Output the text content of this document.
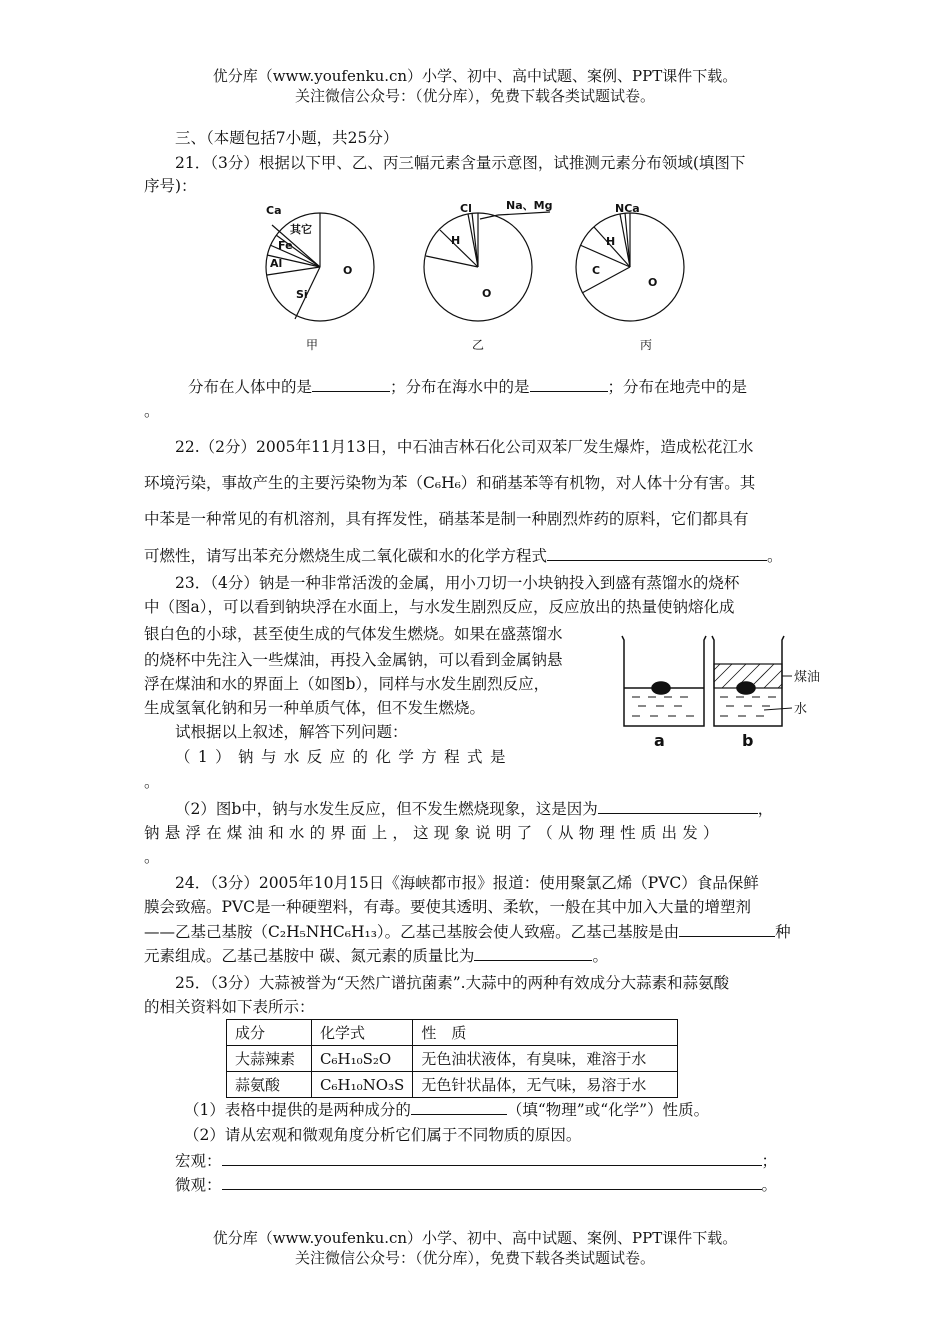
优分库（www.youfenku.cn）小学、初中、高中试题、案例、PPT课件下载。
关注微信公众号：（优分库），免费下载各类试题试卷。
三、（本题包括7小题，共25分）
21．（3分）根据以下甲、乙、丙三幅元素含量示意图，试推测元素分布领域(填图下
序号)：
Ca
其它
Fe
Al
Si
O
Cl	Na、Mg
H
O
NCa
H
C
O
甲	乙	丙
分布在人体中的是	；分布在海水中的是	；分布在地壳中的是
。
22.（2分）2005年11月13日，中石油吉林石化公司双苯厂发生爆炸，造成松花江水
环境污染，事故产生的主要污染物为苯（C₆H₆）和硝基苯等有机物，对人体十分有害。其
中苯是一种常见的有机溶剂，具有挥发性，硝基苯是制一种剧烈炸药的原料，它们都具有
可燃性，请写出苯充分燃烧生成二氧化碳和水的化学方程式	。
23．（4分）钠是一种非常活泼的金属，用小刀切一小块钠投入到盛有蒸馏水的烧杯
中（图a），可以看到钠块浮在水面上，与水发生剧烈反应，反应放出的热量使钠熔化成
银白色的小球，甚至使生成的气体发生燃烧。如果在盛蒸馏水
的烧杯中先注入一些煤油，再投入金属钠，可以看到金属钠悬
浮在煤油和水的界面上（如图b），同样与水发生剧烈反应，
生成氢氧化钠和另一种单质气体，但不发生燃烧。
试根据以上叙述，解答下列问题：
（1）钠与水反应的化学方程式是
。
（2）图b中，钠与水发生反应，但不发生燃烧现象，这是因为	，
钠悬浮在煤油和水的界面上，这现象说明了（从物理性质出发）
。
a	b
煤油
水
24．（3分）2005年10月15日《海峡都市报》报道：使用聚氯乙烯（PVC）食品保鲜
膜会致癌。PVC是一种硬塑料，有毒。要使其透明、柔软，一般在其中加入大量的增塑剂
——乙基己基胺（C₂H₅NHC₆H₁₃）。乙基己基胺会使人致癌。乙基己基胺是由	种
元素组成。乙基己基胺中 碳、氮元素的质量比为	。
25．（3分）大蒜被誉为“天然广谱抗菌素”.大蒜中的两种有效成分大蒜素和蒜氨酸
的相关资料如下表所示：
成分	化学式	性　质
大蒜辣素	C₆H₁₀S₂O	无色油状液体，有臭味，难溶于水
蒜氨酸	C₆H₁₀NO₃S	无色针状晶体，无气味，易溶于水
（1）表格中提供的是两种成分的	（填“物理”或“化学”）性质。
（2）请从宏观和微观角度分析它们属于不同物质的原因。
宏观：	；
微观：	。
优分库（www.youfenku.cn）小学、初中、高中试题、案例、PPT课件下载。
关注微信公众号：（优分库），免费下载各类试题试卷。
